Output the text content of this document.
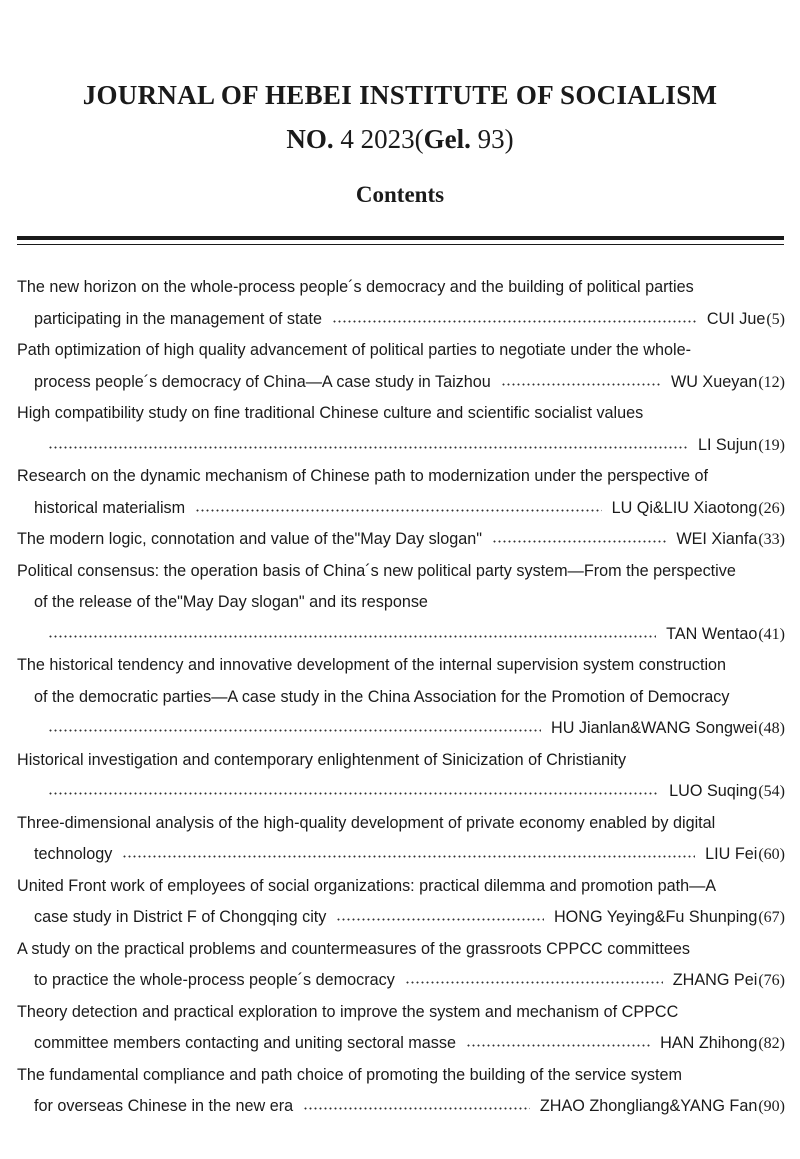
JOURNAL OF HEBEI INSTITUTE OF SOCIALISM
NO. 4 2023(Gel. 93)
Contents
The new horizon on the whole-process people´s democracy and the building of political parties
participating in the management of state	CUI Jue (5)
Path optimization of high quality advancement of political parties to negotiate under the whole-
process people´s democracy of China—A case study in Taizhou	WU Xueyan (12)
High compatibility study on fine traditional Chinese culture and scientific socialist values
LI Sujun (19)
Research on the dynamic mechanism of Chinese path to modernization under the perspective of
historical materialism	LU Qi&LIU Xiaotong (26)
The modern logic, connotation and value of the"May Day slogan"	WEI Xianfa (33)
Political consensus: the operation basis of China´s new political party system—From the perspective
of the release of the"May Day slogan" and its response
TAN Wentao (41)
The historical tendency and innovative development of the internal supervision system construction
of the democratic parties—A case study in the China Association for the Promotion of Democracy
HU Jianlan&WANG Songwei (48)
Historical investigation and contemporary enlightenment of Sinicization of Christianity
LUO Suqing (54)
Three-dimensional analysis of the high-quality development of private economy enabled by digital
technology	LIU Fei (60)
United Front work of employees of social organizations: practical dilemma and promotion path—A
case study in District F of Chongqing city	HONG Yeying&Fu Shunping (67)
A study on the practical problems and countermeasures of the grassroots CPPCC committees
to practice the whole-process people´s democracy	ZHANG Pei (76)
Theory detection and practical exploration to improve the system and mechanism of CPPCC
committee members contacting and uniting sectoral masse	HAN Zhihong (82)
The fundamental compliance and path choice of promoting the building of the service system
for overseas Chinese in the new era	ZHAO Zhongliang&YANG Fan (90)
